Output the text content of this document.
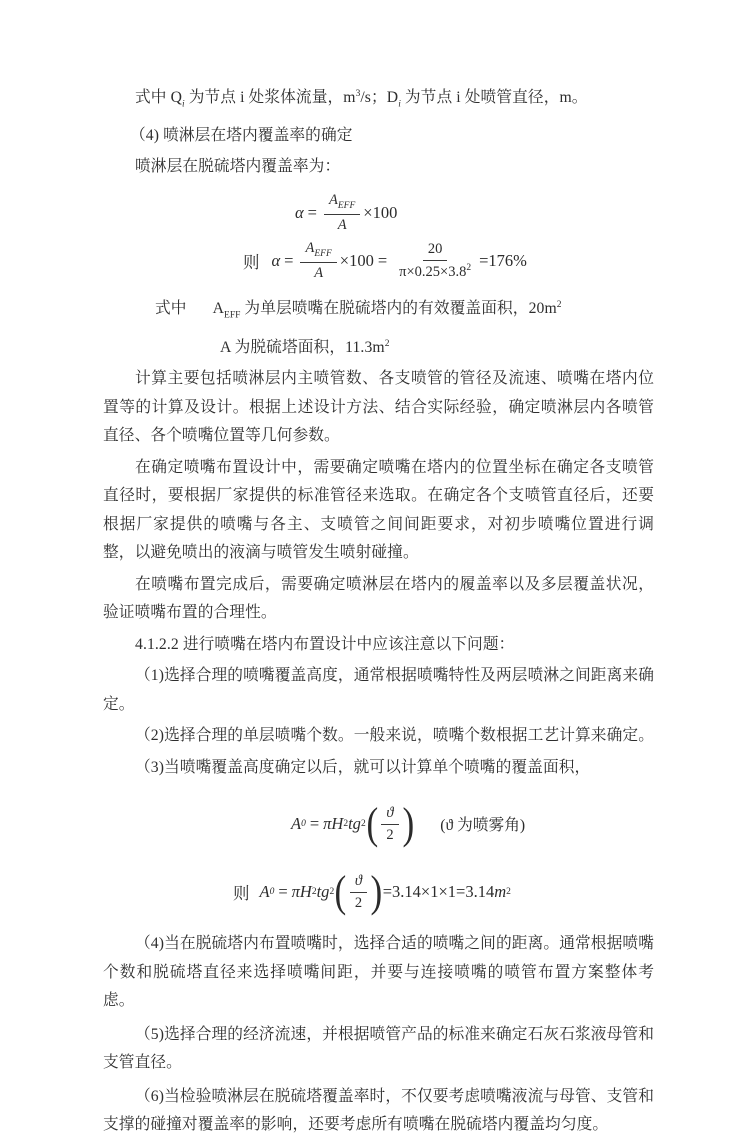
式中 $Q_i$ 为节点 i 处浆体流量，$m^3/s$；$D_i$ 为节点 i 处喷管直径，m。

（4) 喷淋层在塔内覆盖率的确定

喷淋层在脱硫塔内覆盖率为：

$\alpha = \frac{A_{EFF}}{A} \times 100$
则 $\alpha = \frac{A_{EFF}}{A} \times 100 = \frac{20}{\pi\times 0.25\times 3.8^2} =176\%$

式中 $A_{EFF}$ 为单层喷嘴在脱硫塔内的有效覆盖面积，$20m^2$

A 为脱硫塔面积，$11.3m^2$

计算主要包括喷淋层内主喷管数、各支喷管的管径及流速、喷嘴在塔内位置等的计算及设计。根据上述设计方法、结合实际经验，确定喷淋层内各喷管直径、各个喷嘴位置等几何参数。

在确定喷嘴布置设计中，需要确定喷嘴在塔内的位置坐标在确定各支喷管直径时，要根据厂家提供的标准管径来选取。在确定各个支喷管直径后，还要根据厂家提供的喷嘴与各主、支喷管之间间距要求，对初步喷嘴位置进行调整，以避免喷出的液滴与喷管发生喷射碰撞。

在喷嘴布置完成后，需要确定喷淋层在塔内的履盖率以及多层覆盖状况，验证喷嘴布置的合理性。

4.1.2.2 进行喷嘴在塔内布置设计中应该注意以下问题：

（1)选择合理的喷嘴覆盖高度，通常根据喷嘴特性及两层喷淋之间距离来确定。

（2)选择合理的单层喷嘴个数。一般来说，喷嘴个数根据工艺计算来确定。

（3)当喷嘴覆盖高度确定以后，就可以计算单个喷嘴的覆盖面积，

A 0 = πH 2 tg 2 ( $\frac{ϑ}{2}$ ) (ϑ 为喷雾角)
则 A 0 = πH 2 tg 2 ( $\frac{ϑ}{2}$ ) =3.14×1×1=3.14 m 2

（4)当在脱硫塔内布置喷嘴时，选择合适的喷嘴之间的距离。通常根据喷嘴个数和脱硫塔直径来选择喷嘴间距，并要与连接喷嘴的喷管布置方案整体考虑。

（5)选择合理的经济流速，并根据喷管产品的标准来确定石灰石浆液母管和支管直径。

（6)当检验喷淋层在脱硫塔覆盖率时，不仅要考虑喷嘴液流与母管、支管和支撑的碰撞对覆盖率的影响，还要考虑所有喷嘴在脱硫塔内覆盖均匀度。
